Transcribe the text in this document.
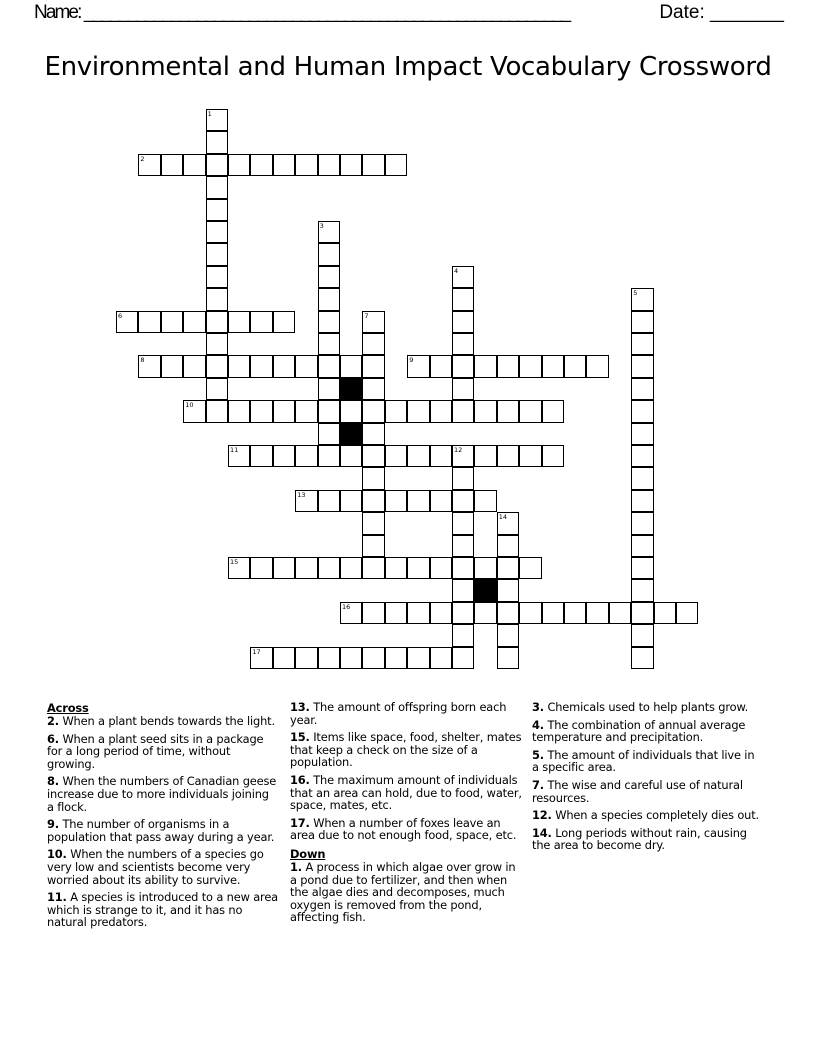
Name: ________________________________________________________	Date: _______
Environmental and Human Impact Vocabulary Crossword
1
2
3
4
5
6	7
8	9
10
11	12
13
14
15
16
17
Across

2. When a plant bends towards the light.

6. When a plant seed sits in a package for a long period of time, without growing.

8. When the numbers of Canadian geese increase due to more individuals joining a flock.

9. The number of organisms in a population that pass away during a year.

10. When the numbers of a species go very low and scientists become very worried about its ability to survive.

11. A species is introduced to a new area which is strange to it, and it has no natural predators.

13. The amount of offspring born each year.

15. Items like space, food, shelter, mates that keep a check on the size of a population.

16. The maximum amount of individuals that an area can hold, due to food, water, space, mates, etc.

17. When a number of foxes leave an area due to not enough food, space, etc.

Down

1. A process in which algae over grow in a pond due to fertilizer, and then when the algae dies and decomposes, much oxygen is removed from the pond, affecting fish.

3. Chemicals used to help plants grow.

4. The combination of annual average temperature and precipitation.

5. The amount of individuals that live in a specific area.

7. The wise and careful use of natural resources.

12. When a species completely dies out.

14. Long periods without rain, causing the area to become dry.
